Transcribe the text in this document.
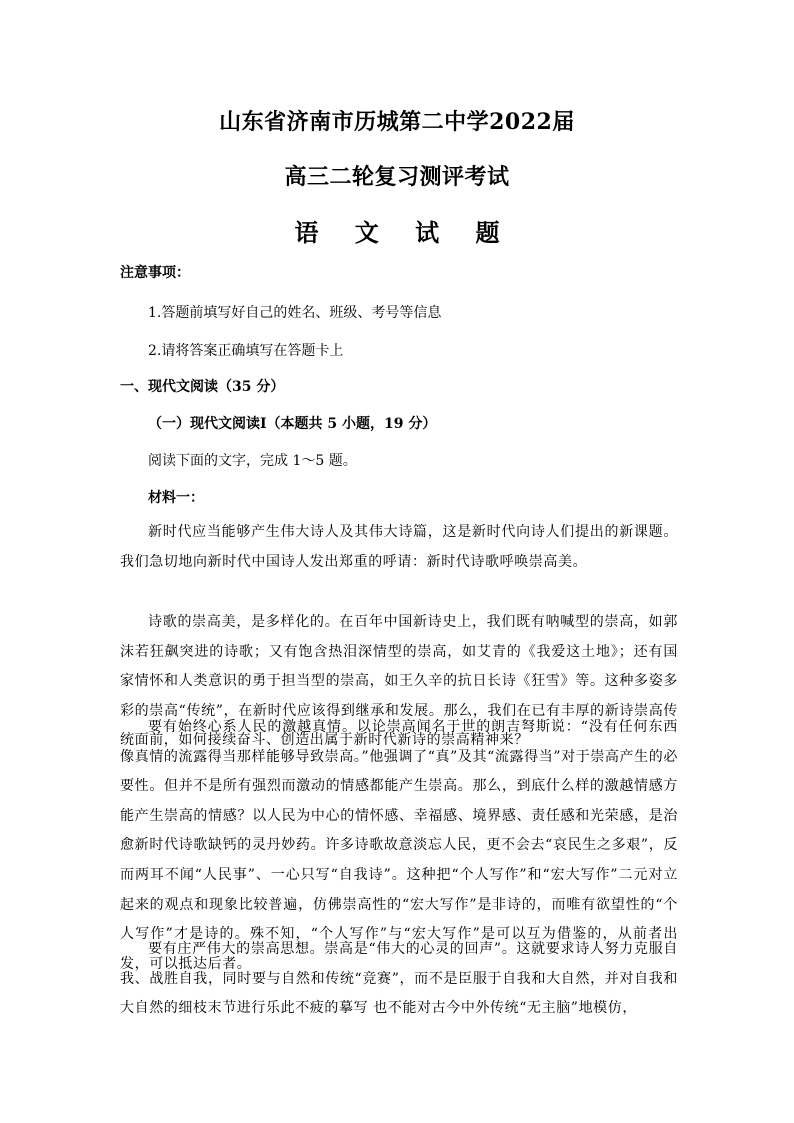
山东省济南市历城第二中学2022届
高三二轮复习测评考试
语 文 试 题

注意事项：

1.答题前填写好自己的姓名、班级、考号等信息

2.请将答案正确填写在答题卡上

一、现代文阅读（35 分）

（一）现代文阅读Ⅰ（本题共 5 小题，19 分）

阅读下面的文字，完成 1～5 题。

材料一：

新时代应当能够产生伟大诗人及其伟大诗篇，这是新时代向诗人们提出的新课题。我们急切地向新时代中国诗人发出郑重的呼请：新时代诗歌呼唤崇高美。

诗歌的崇高美，是多样化的。在百年中国新诗史上，我们既有呐喊型的崇高，如郭沫若狂飙突进的诗歌；又有饱含热泪深情型的崇高，如艾青的《我爱这土地》；还有国家情怀和人类意识的勇于担当型的崇高，如王久辛的抗日长诗《狂雪》等。这种多姿多彩的崇高“传统”，在新时代应该得到继承和发展。那么，我们在已有丰厚的新诗崇高传统面前，如何接续奋斗、创造出属于新时代新诗的崇高精神来？

要有始终心系人民的激越真情。以论崇高闻名于世的朗吉弩斯说：“没有任何东西像真情的流露得当那样能够导致崇高。”他强调了“真”及其“流露得当”对于崇高产生的必要性。但并不是所有强烈而激动的情感都能产生崇高。那么，到底什么样的激越情感方能产生崇高的情感？以人民为中心的情怀感、幸福感、境界感、责任感和光荣感，是治愈新时代诗歌缺钙的灵丹妙药。许多诗歌故意淡忘人民，更不会去“哀民生之多艰”，反而两耳不闻“人民事”、一心只写“自我诗”。这种把“个人写作”和“宏大写作”二元对立起来的观点和现象比较普遍，仿佛崇高性的“宏大写作”是非诗的，而唯有欲望性的“个人写作”才是诗的。殊不知，“个人写作”与“宏大写作”是可以互为借鉴的，从前者出发，可以抵达后者。

要有庄严伟大的崇高思想。崇高是“伟大的心灵的回声”。这就要求诗人努力克服自我、战胜自我，同时要与自然和传统“竞赛”，而不是臣服于自我和大自然，并对自我和大自然的细枝末节进行乐此不疲的摹写 也不能对古今中外传统“无主脑”地模仿，
